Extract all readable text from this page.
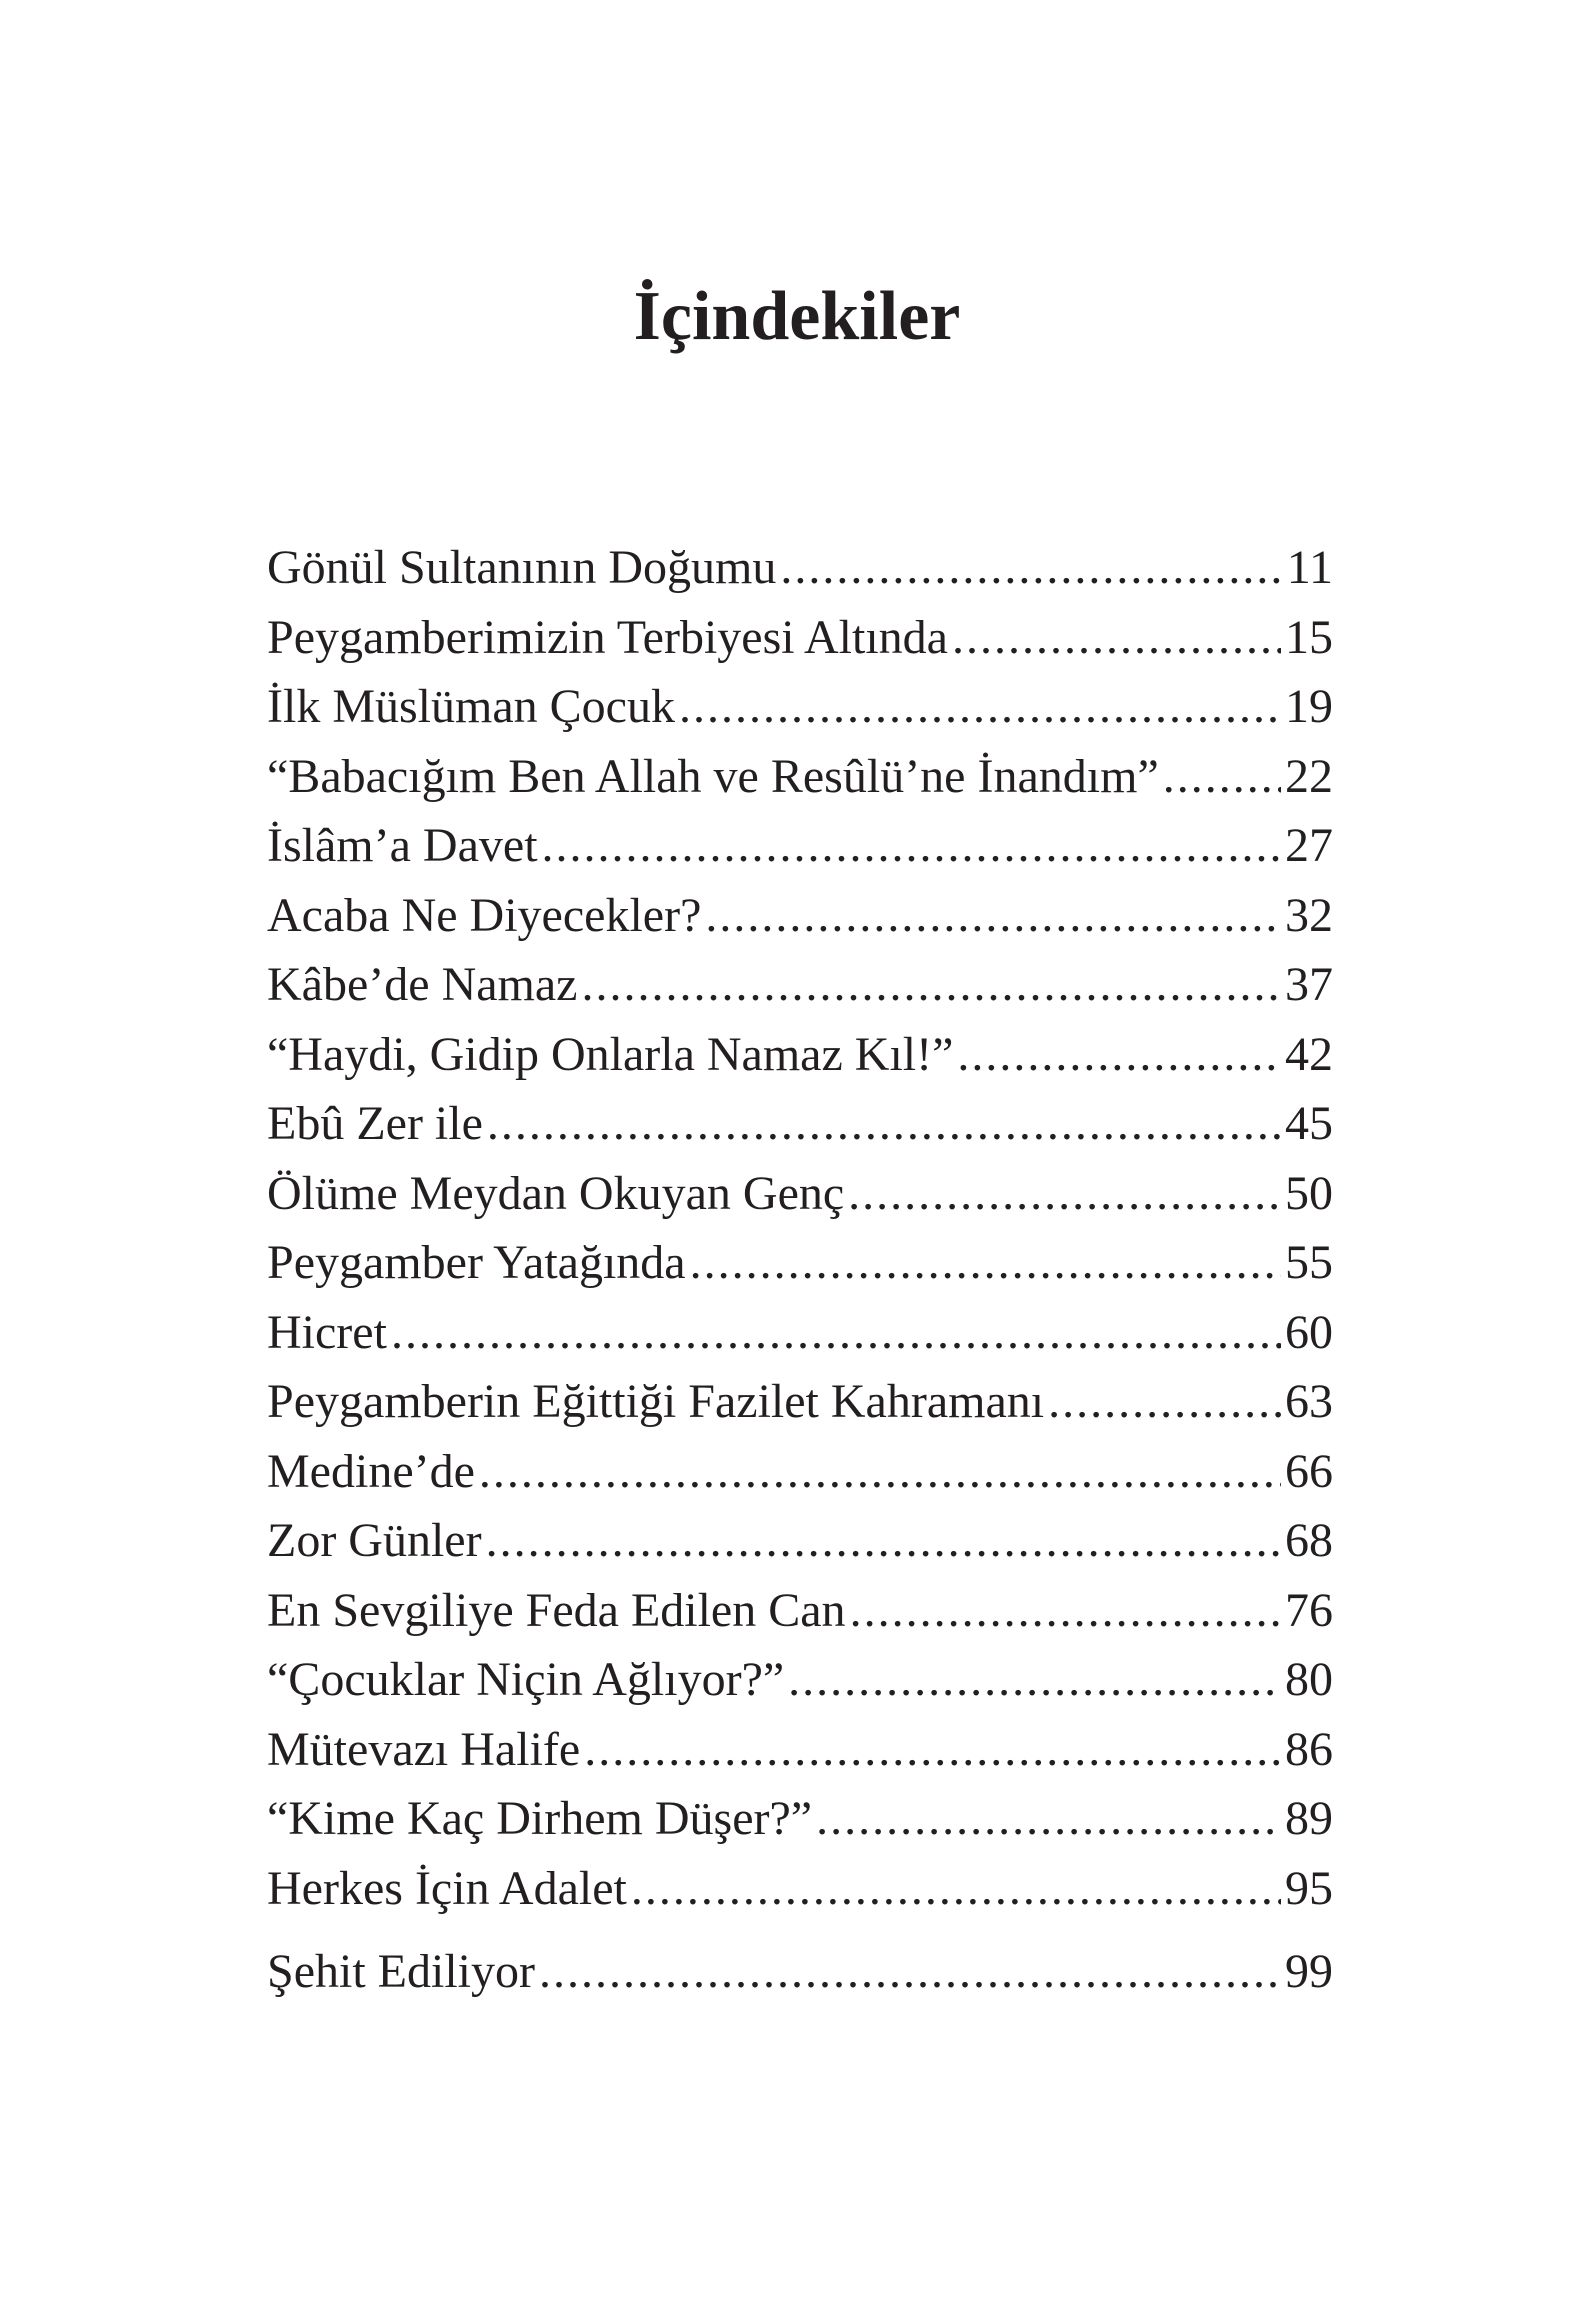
İçindekiler
Gönül Sultanının Doğumu .....	11
Peygamberimizin Terbiyesi Altında .....	15
İlk Müslüman Çocuk .....	19
“Babacığım Ben Allah ve Resûlü’ne İnandım” .....	22
İslâm’a Davet .....	27
Acaba Ne Diyecekler? .....	32
Kâbe’de Namaz .....	37
“Haydi, Gidip Onlarla Namaz Kıl!” .....	42
Ebû Zer ile .....	45
Ölüme Meydan Okuyan Genç .....	50
Peygamber Yatağında .....	55
Hicret .....	60
Peygamberin Eğittiği Fazilet Kahramanı .....	63
Medine’de .....	66
Zor Günler .....	68
En Sevgiliye Feda Edilen Can .....	76
“Çocuklar Niçin Ağlıyor?” .....	80
Mütevazı Halife .....	86
“Kime Kaç Dirhem Düşer?” .....	89
Herkes İçin Adalet .....	95
Şehit Ediliyor .....	99
